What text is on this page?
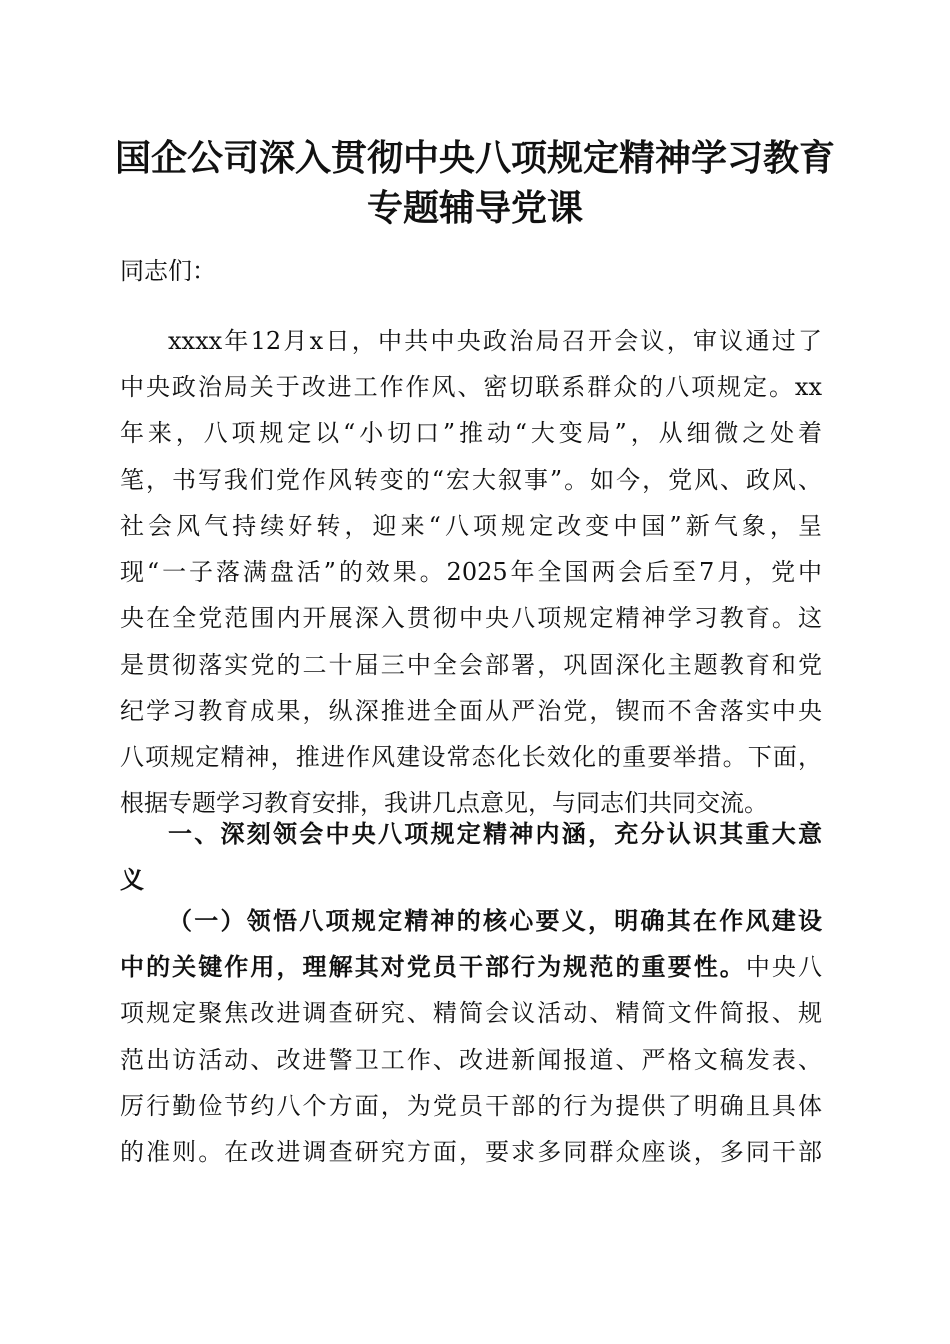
国企公司深入贯彻中央八项规定精神学习教育
专题辅导党课
同志们：
xxxx年12月x日，中共中央政治局召开会议，审议通过了
中央政治局关于改进工作作风、密切联系群众的八项规定。xx
年来，八项规定以“小切口”推动“大变局”，从细微之处着
笔，书写我们党作风转变的“宏大叙事”。如今，党风、政风、
社会风气持续好转，迎来“八项规定改变中国”新气象，呈
现“一子落满盘活”的效果。2025年全国两会后至7月，党中
央在全党范围内开展深入贯彻中央八项规定精神学习教育。这
是贯彻落实党的二十届三中全会部署，巩固深化主题教育和党
纪学习教育成果，纵深推进全面从严治党，锲而不舍落实中央
八项规定精神，推进作风建设常态化长效化的重要举措。下面，
根据专题学习教育安排，我讲几点意见，与同志们共同交流。
一、深刻领会中央八项规定精神内涵，充分认识其重大意
义
（一）领悟八项规定精神的核心要义，明确其在作风建设
中的关键作用，理解其对党员干部行为规范的重要性。中央八
项规定聚焦改进调查研究、精简会议活动、精简文件简报、规
范出访活动、改进警卫工作、改进新闻报道、严格文稿发表、
厉行勤俭节约八个方面，为党员干部的行为提供了明确且具体
的准则。在改进调查研究方面，要求多同群众座谈，多同干部
